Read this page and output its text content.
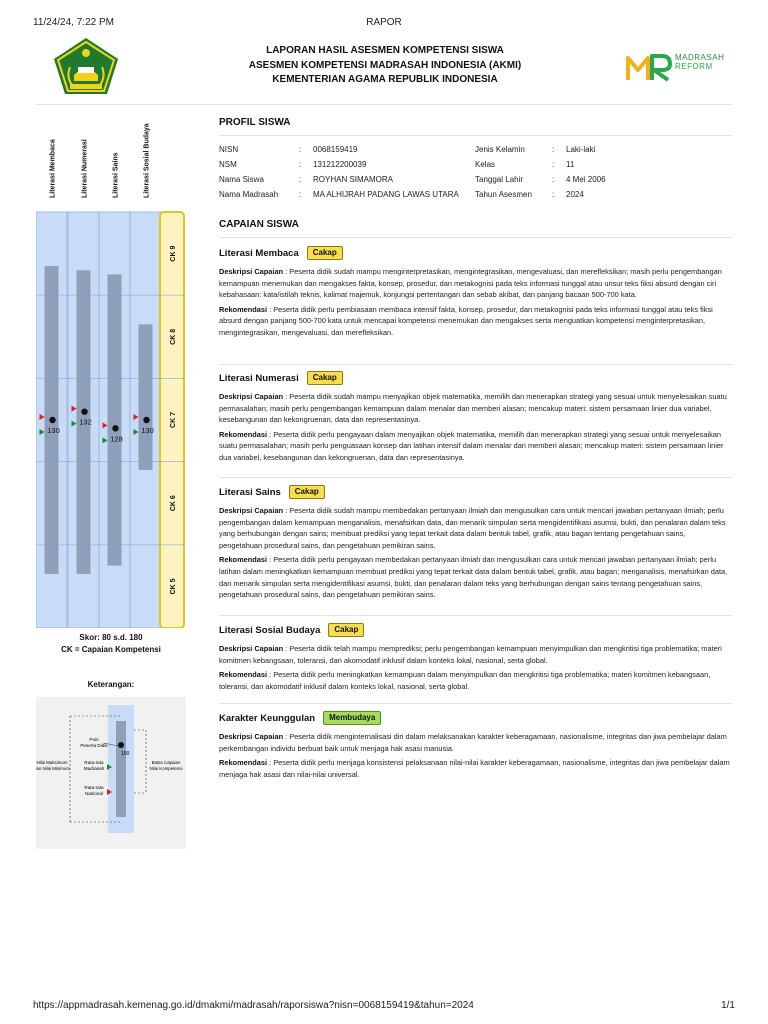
11/24/24, 7:22 PM	RAPOR
https://appmadrasah.kemenag.go.id/dmakmi/madrasah/raporsiswa?nisn=0068159419&tahun=2024	1/1
LAPORAN HASIL ASESMEN KOMPETENSI SISWA
ASESMEN KOMPETENSI MADRASAH INDONESIA (AKMI)
KEMENTERIAN AGAMA REPUBLIK INDONESIA
MADRASAH
REFORM
Literasi Membaca	Literasi Numerasi	Literasi Sains	Literasi Sosial Budaya
CK 9
CK 8
CK 7
CK 6
CK 5
130
132
128
130
Skor: 80 s.d. 180
CK = Capaian Kompetensi
Keterangan:
100
Poin
Peserta Didik
Rata-rata
Madrasah
Rata-rata
Nasional
Nilai Maksimum
dan Nilai Minimum
Batas Capaian
Nilai Kompetensi
PROFIL SISWA
NISN	:	0068159419	Jenis Kelamin	:	Laki-laki
NSM	:	131212200039	Kelas	:	11
Nama Siswa	:	ROYHAN SIMAMORA	Tanggal Lahir	:	4 Mei 2006
Nama Madrasah	:	MA ALHIJRAH PADANG LAWAS UTARA	Tahun Asesmen	:	2024
CAPAIAN SISWA
Literasi Membaca	Cakap
Deskripsi Capaian : Peserta didik sudah mampu menginterpretasikan, mengintegrasikan, mengevaluasi, dan merefleksikan; masih perlu pengembangan kemampuan menemukan dan mengakses fakta, konsep, prosedur, dan metakognisi pada teks informasi tunggal atau unsur teks fiksi absurd dengan ciri kebahasaan: kata/istilah teknis, kalimat majemuk, konjungsi pertentangan dan sebab akibat, dan panjang bacaan 500-700 kata.
Rekomendasi : Peserta didik perlu pembiasaan membaca intensif fakta, konsep, prosedur, dan metakognisi pada teks informasi tunggal atau teks fiksi absurd dengan panjang 500-700 kata untuk mencapai kompetensi menemukan dan mengakses serta menguatkan kompetensi menginterpretasikan, mengintegrasikan, mengevaluasi, dan merefleksikan.
Literasi Numerasi	Cakap
Deskripsi Capaian : Peserta didik sudah mampu menyajikan objek matematika, memilih dan menerapkan strategi yang sesuai untuk menyelesaikan suatu permasalahan; masih perlu pengembangan kemampuan dalam menalar dan memberi alasan; mencakup materi: sistem persamaan linier dua variabel, kesebangunan dan kekongruenan, data dan representasinya.
Rekomendasi : Peserta didik perlu pengayaan dalam menyajikan objek matematika, memilih dan menerapkan strategi yang sesuai untuk menyelesaikan suatu permasalahan; masih perlu penguasaan konsep dan latihan intensif dalam menalar dan memberi alasan; mencakup materi: sistem persamaan linier dua variabel, kesebangunan dan kekongruenan, data dan representasinya.
Literasi Sains	Cakap
Deskripsi Capaian : Peserta didik sudah mampu membedakan pertanyaan ilmiah dan mengusulkan cara untuk mencari jawaban pertanyaan ilmiah; perlu pengembangan dalam kemampuan menganalisis, menafsirkan data, dan menarik simpulan serta mengidentifikasi asumsi, bukti, dan penalaran dalam teks yang berhubungan dengan sains; membuat prediksi yang tepat terkait data dalam bentuk tabel, grafik, atau bagan tentang pengetahuan sains, pengetahuan prosedural sains, dan pengetahuan pemikiran sains.
Rekomendasi : Peserta didik perlu pengayaan membedakan pertanyaan ilmiah dan mengusulkan cara untuk mencari jawaban pertanyaan ilmiah; perlu latihan dalam meningkatkan kemampuan membuat prediksi yang tepat terkait data dalam bentuk tabel, grafik, atau bagan; menganalisis, menafsirkan data, dan menarik simpulan serta mengidentifikasi asumsi, bukti, dan penalaran dalam teks yang berhubungan dengan sains tentang pengetahuan sains, pengetahuan prosedural sains, dan pengetahuan pemikiran sains.
Literasi Sosial Budaya	Cakap
Deskripsi Capaian : Peserta didik telah mampu memprediksi; perlu pengembangan kemampuan menyimpulkan dan mengkritisi tiga problematika; materi komitmen kebangsaan, toleransi, dan akomodatif inklusif dalam konteks lokal, nasional, serta global.
Rekomendasi : Peserta didik perlu meningkatkan kemampuan dalam menyimpulkan dan mengkritisi tiga problematika; materi komitmen kebangsaan, toleransi, dan akomodatif inklusif dalam konteks lokal, nasional, serta global.
Karakter Keunggulan	Membudaya
Deskripsi Capaian : Peserta didik menginternalisasi diri dalam melaksanakan karakter keberagamaan, nasionalisme, integritas dan jiwa pembelajar dalam perkembangan individu berbuat baik untuk menjaga hak asasi manusia.
Rekomendasi : Peserta didik perlu menjaga konsistensi pelaksanaan nilai-nilai karakter keberagamaan, nasionalisme, integritas dan jiwa pembelajar dalam menjaga hak asasi dan nilai-nilai universal.
